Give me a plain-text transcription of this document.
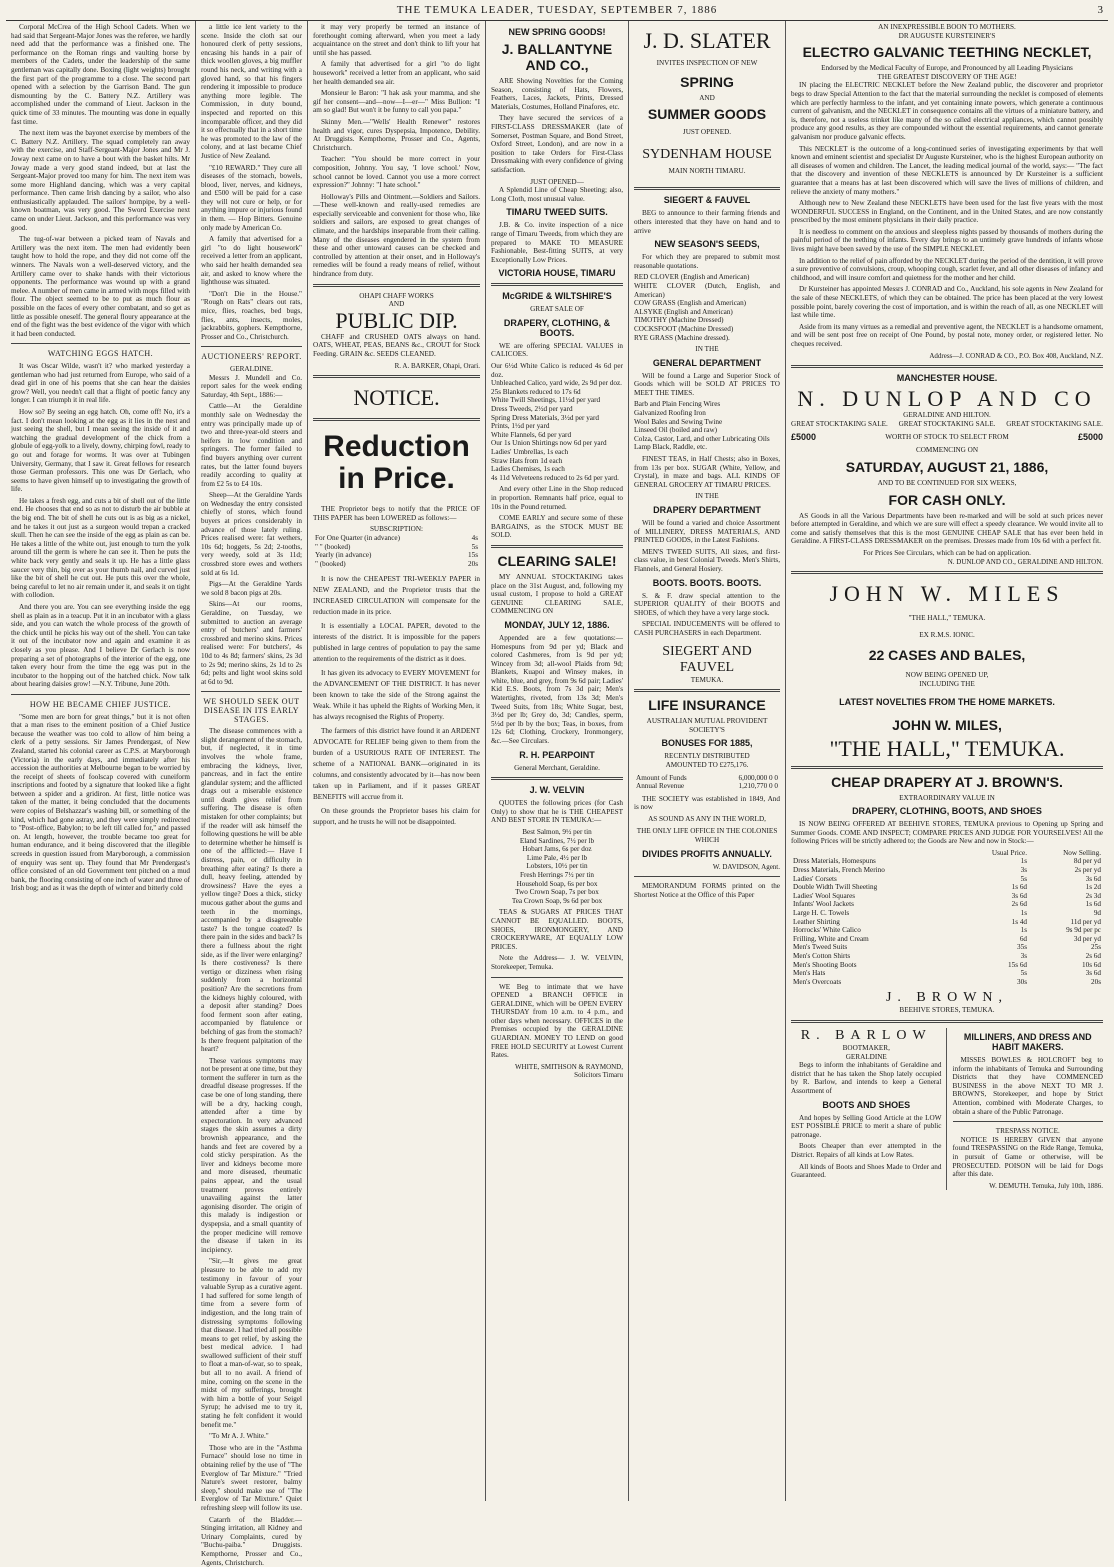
THE TEMUKA LEADER, TUESDAY, SEPTEMBER 7, 1886	3

Corporal McCrea of the High School Cadets. When we had said that Sergeant-Major Jones was the referee, we hardly need add that the performance was a finished one. The performance on the Roman rings and vaulting horse by members of the Cadets, under the leadership of the same gentleman was capitally done. Boxing (light weights) brought the first part of the programme to a close. The second part opened with a selection by the Garrison Band. The gun dismounting by the C. Battery N.Z. Artillery was accomplished under the command of Lieut. Jackson in the quick time of 33 minutes. The mounting was done in equally fast time.

The next item was the bayonet exercise by members of the C. Battery N.Z. Artillery. The squad completely ran away with the exercise, and Staff-Sergeant-Major Jones and Mr J. Joway next came on to have a bout with the basket hilts. Mr Joway made a very good stand indeed, but at last the Sergeant-Major proved too many for him. The next item was some more Highland dancing, which was a very capital performance. Then came Irish dancing by a sailor, who also enthusiastically applauded. The sailors' hornpipe, by a well-known boatman, was very good. The Sword Exercise next came on under Lieut. Jackson, and this performance was very good.

The tug-of-war between a picked team of Navals and Artillery was the next item. The men had evidently been taught how to hold the rope, and they did not come off the winners. The Navals won a well-deserved victory, and the Artillery came over to shake hands with their victorious opponents. The performance was wound up with a grand melee. A number of men came in armed with mops filled with flour. The object seemed to be to put as much flour as possible on the faces of every other combatant, and so get as little as possible oneself. The general floury appearance at the end of the fight was the best evidence of the vigor with which it had been conducted.

WATCHING EGGS HATCH.

It was Oscar Wilde, wasn't it? who marked yesterday a gentleman who had just returned from Europe, who said of a dead girl in one of his poems that she can hear the daisies grow? Well, you needn't call that a flight of poetic fancy any longer. I can triumph it in real life.

How so? By seeing an egg hatch. Oh, come off! No, it's a fact. I don't mean looking at the egg as it lies in the nest and just seeing the shell, but I mean seeing the inside of it and watching the gradual development of the chick from a globule of egg-yolk to a lively, downy, chirping fowl, ready to go out and forage for worms. It was over at Tubingen University, Germany, that I saw it. Great fellows for research those German professors. This one was Dr Gerlach, who seems to have given himself up to investigating the growth of life.

He takes a fresh egg, and cuts a bit of shell out of the little end. He chooses that end so as not to disturb the air bubble at the big end. The bit of shell he cuts out is as big as a nickel, and he takes it out just as a surgeon would trepan a cracked skull. Then he can see the inside of the egg as plain as can be. He takes a little of the white out, just enough to turn the yolk around till the germ is where he can see it. Then he puts the white back very gently and seals it up. He has a little glass saucer very thin, big over as your thumb nail, and curved just like the bit of shell he cut out. He puts this over the whole, being careful to let no air remain under it, and seals it on tight with collodion.

And there you are. You can see everything inside the egg shell as plain as in a teacup. Put it in an incubator with a glass side, and you can watch the whole process of the growth of the chick until he picks his way out of the shell. You can take it out of the incubator now and again and examine it as closely as you please. And I believe Dr Gerlach is now preparing a set of photographs of the interior of the egg, one taken every hour from the time the egg was put in the incubator to the hopping out of the hatched chick. Now talk about hearing daisies grow! —N.Y. Tribune, June 20th.

HOW HE BECAME CHIEF JUSTICE.

"Some men are born for great things," but it is not often that a man rises to the eminent position of a Chief Justice because the weather was too cold to allow of him being a clerk of a petty sessions. Sir James Prendergast, of New Zealand, started his colonial career as C.P.S. at Maryborough (Victoria) in the early days, and immediately after his accession the authorities at Melbourne began to be worried by the receipt of sheets of foolscap covered with cuneiform inscriptions and footed by a signature that looked like a fight between a spider and a gridiron. At first, little notice was taken of the matter, it being concluded that the documents were copies of Belshazzar's washing bill, or something of the kind, which had gone astray, and they were simply redirected to "Post-office, Babylon; to be left till called for," and passed on. At length, however, the trouble became too great for human endurance, and it being discovered that the illegible screeds in question issued from Maryborough, a commission of enquiry was sent up. They found that Mr Prendergast's office consisted of an old Government tent pitched on a mud bank, the flooring consisting of one inch of water and three of Irish bog; and as it was the depth of winter and bitterly cold

a little ice lent variety to the scene. Inside the cloth sat our honoured clerk of petty sessions, encasing his hands in a pair of thick woollen gloves, a big muffler round his neck, and writing with a gloved hand, so that his fingers rendering it impossible to produce anything more legible. The Commission, in duty bound, inspected and reported on this incomparable officer, and they did it so effectually that in a short time he was promoted to the law of the colony, and at last became Chief Justice of New Zealand.

"£10 REWARD." They cure all diseases of the stomach, bowels, blood, liver, nerves, and kidneys, and £500 will be paid for a case they will not cure or help, or for anything impure or injurious found in them. — Hop Bitters. Genuine only made by American Co.

A family that advertised for a girl "to do light housework" received a letter from an applicant, who said her health demanded sea air, and asked to know where the lighthouse was situated.

"Don't Die in the House." "Rough on Rats" clears out rats, mice, flies, roaches, bed bugs, flies, ants, insects, moles, jackrabbits, gophers. Kempthorne, Prosser and Co., Christchurch.

AUCTIONEERS' REPORT.
GERALDINE.

Messrs J. Mundell and Co. report sales for the week ending Saturday, 4th Sept., 1886:—

Cattle—At the Geraldine monthly sale on Wednesday the entry was principally made up of two and three-year-old steers and heifers in low condition and springers. The former failed to find buyers anything over current rates, but the latter found buyers readily according to quality at from £2 5s to £4 10s.

Sheep—At the Geraldine Yards on Wednesday the entry consisted chiefly of stores, which found buyers at prices considerably in advance of those lately ruling. Prices realised were: fat wethers, 10s 6d; hoggets, 5s 2d; 2-tooths, very weedy, sold at 3s 11d; crossbred store ewes and wethers sold at 6s 1d.

Pigs—At the Geraldine Yards we sold 8 bacon pigs at 20s.

Skins—At our rooms, Geraldine, on Tuesday, we submitted to auction an average entry of butchers' and farmers' crossbred and merino skins. Prices realised were: For butchers', 4s 10d to 4s 8d; farmers' skins, 2s 3d to 2s 9d; merino skins, 2s 1d to 2s 6d; pelts and light wool skins sold at 6d to 9d.

WE SHOULD SEEK OUT DISEASE IN ITS EARLY STAGES.

The disease commences with a slight derangement of the stomach, but, if neglected, it in time involves the whole frame, embracing the kidneys, liver, pancreas, and in fact the entire glandular system; and the afflicted drags out a miserable existence until death gives relief from suffering. The disease is often mistaken for other complaints; but if the reader will ask himself the following questions he will be able to determine whether he himself is one of the afflicted:— Have I distress, pain, or difficulty in breathing after eating? Is there a dull, heavy feeling, attended by drowsiness? Have the eyes a yellow tinge? Does a thick, sticky mucous gather about the gums and teeth in the mornings, accompanied by a disagreeable taste? Is the tongue coated? Is there pain in the sides and back? Is there a fullness about the right side, as if the liver were enlarging? Is there costiveness? Is there vertigo or dizziness when rising suddenly from a horizontal position? Are the secretions from the kidneys highly coloured, with a deposit after standing? Does food ferment soon after eating, accompanied by flatulence or belching of gas from the stomach? Is there frequent palpitation of the heart?

These various symptoms may not be present at one time, but they torment the sufferer in turn as the dreadful disease progresses. If the case be one of long standing, there will be a dry, hacking cough, attended after a time by expectoration. In very advanced stages the skin assumes a dirty brownish appearance, and the hands and feet are covered by a cold sticky perspiration. As the liver and kidneys become more and more diseased, rheumatic pains appear, and the usual treatment proves entirely unavailing against the latter agonising disorder. The origin of this malady is indigestion or dyspepsia, and a small quantity of the proper medicine will remove the disease if taken in its incipiency.

"Sir,—It gives me great pleasure to be able to add my testimony in favour of your valuable Syrup as a curative agent. I had suffered for some length of time from a severe form of indigestion, and the long train of distressing symptoms following that disease. I had tried all possible means to get relief, by asking the best medical advice. I had swallowed sufficient of their stuff to float a man-of-war, so to speak, but all to no avail. A friend of mine, coming on the scene in the midst of my sufferings, brought with him a bottle of your Seigel Syrup; he advised me to try it, stating he felt confident it would benefit me."

"To Mr A. J. White."

Those who are in the "Asthma Furnace" should lose no time in obtaining relief by the use of "The Everglow of Tar Mixture." "Tried Nature's sweet restorer, balmy sleep," should make use of "The Everglow of Tar Mixture." Quiet refreshing sleep will follow its use.

Catarrh of the Bladder.—Stinging irritation, all Kidney and Urinary Complaints, cured by "Buchu-paiba." Druggists. Kempthorne, Prosser and Co., Agents, Christchurch.

it may very properly be termed an instance of forethought coming afterward, when you meet a lady acquaintance on the street and don't think to lift your hat until she has passed.

A family that advertised for a girl "to do light housework" received a letter from an applicant, who said her health demanded sea air.

Monsieur le Baron: "I hak ask your mamma, and she gif her consent—and—now—I—er—" Miss Bullion: "I am so glad! But won't it be funny to call you papa."

Skinny Men.—"Wells' Health Renewer" restores health and vigor, cures Dyspepsia, Impotence, Debility. At Druggists. Kempthorne, Prosser and Co., Agents, Christchurch.

Teacher: "You should be more correct in your composition, Johnny. You say, 'I love school.' Now, school cannot be loved. Cannot you use a more correct expression?" Johnny: "I hate school."

Holloway's Pills and Ointment.—Soldiers and Sailors.—These well-known and really-used remedies are especially serviceable and convenient for those who, like soldiers and sailors, are exposed to great changes of climate, and the hardships inseparable from their calling. Many of the diseases engendered in the system from these and other untoward causes can be checked and controlled by attention at their onset, and in Holloway's remedies will be found a ready means of relief, without hindrance from duty.

OHAPI CHAFF WORKS
AND
PUBLIC DIP.

CHAFF and CRUSHED OATS always on hand. OATS, WHEAT, PEAS, BEANS &c., CROUT for Stock Feeding. GRAIN &c. SEEDS CLEANED.

R. A. BARKER, Ohapi, Orari.
NOTICE.
Reduction in Price.

THE Proprietor begs to notify that the PRICE OF THIS PAPER has been LOWERED as follows:—

SUBSCRIPTION:
For One Quarter (in advance)	4s
" " (booked)	5s
Yearly (in advance)	15s
" (booked)	20s

It is now the CHEAPEST TRI-WEEKLY PAPER in NEW ZEALAND, and the Proprietor trusts that the INCREASED CIRCULATION will compensate for the reduction made in its price.

It is essentially a LOCAL PAPER, devoted to the interests of the district. It is impossible for the papers published in large centres of population to pay the same attention to the requirements of the district as it does.

It has given its advocacy to EVERY MOVEMENT for the ADVANCEMENT OF THE DISTRICT. It has never been known to take the side of the Strong against the Weak. While it has upheld the Rights of Working Men, it has always recognised the Rights of Property.

The farmers of this district have found it an ARDENT ADVOCATE for RELIEF being given to them from the burden of a USURIOUS RATE OF INTEREST. The scheme of a NATIONAL BANK—originated in its columns, and consistently advocated by it—has now been taken up in Parliament, and if it passes GREAT BENEFITS will accrue from it.

On these grounds the Proprietor bases his claim for support, and he trusts he will not be disappointed.

NEW SPRING GOODS!
J. BALLANTYNE AND CO.,

ARE Showing Novelties for the Coming Season, consisting of Hats, Flowers, Feathers, Laces, Jackets, Prints, Dressed Materials, Costumes, Holland Pinafores, etc.

They have secured the services of a FIRST-CLASS DRESSMAKER (late of Somerset, Postman Square, and Bond Street, Oxford Street, London), and are now in a position to take Orders for First-Class Dressmaking with every confidence of giving satisfaction.

JUST OPENED—

A Splendid Line of Cheap Sheeting; also, Long Cloth, most unusual value.

TIMARU TWEED SUITS.

J.B. & Co. invite inspection of a nice range of Timaru Tweeds, from which they are prepared to MAKE TO MEASURE Fashionable, Best-fitting SUITS, at very Exceptionally Low Prices.

VICTORIA HOUSE, TIMARU
McGRIDE & WILTSHIRE'S
GREAT SALE OF
DRAPERY, CLOTHING, & BOOTS.

WE are offering SPECIAL VALUES in CALICOES.

Our 6½d White Calico is reduced 4s 6d per doz.
Unbleached Calico, yard wide, 2s 9d per doz.
25s Blankets reduced to 17s 6d
White Twill Sheetings, 11½d per yard
Dress Tweeds, 2½d per yard
Spring Dress Materials, 3½d per yard
Prints, 1½d per yard
White Flannels, 6d per yard
Our 1s Union Shirtings now 6d per yard
Ladies' Umbrellas, 1s each
Straw Hats from 1d each
Ladies Chemises, 1s each
4s 11d Velveteens reduced to 2s 6d per yard.

And every other Line in the Shop reduced in proportion. Remnants half price, equal to 10s in the Pound returned.

COME EARLY and secure some of these BARGAINS, as the STOCK MUST BE SOLD.

CLEARING SALE!

MY ANNUAL STOCKTAKING takes place on the 31st August, and, following my usual custom, I propose to hold a GREAT GENUINE CLEARING SALE, COMMENCING ON

MONDAY, JULY 12, 1886.

Appended are a few quotations:— Homespuns from 9d per yd; Black and colored Cashmeres, from 1s 9d per yd; Wincey from 3d; all-wool Plaids from 9d; Blankets, Kuapoi and Winsey makes, in white, blue, and grey, from 9s 6d pair; Ladies' Kid E.S. Boots, from 7s 3d pair; Men's Watertights, riveted, from 13s 3d; Men's Tweed Suits, from 18s; White Sugar, best, 3½d per lb; Grey do, 3d; Candles, sperm, 5½d per lb by the box; Teas, in boxes, from 12s 6d; Clothing, Crockery, Ironmongery, &c.—See Circulars.

R. H. PEARPOINT
General Merchant, Geraldine.
J. W. VELVIN

QUOTES the following prices (for Cash Only) to show that he is THE CHEAPEST AND BEST STORE IN TEMUKA:—

Best Salmon, 9½ per tin
Eland Sardines, 7½ per lb
Hobart Jams, 6s per doz
Lime Pale, 4½ per lb
Lobsters, 10½ per tin
Fresh Herrings 7½ per tin
Household Soap, 6s per box
Two Crown Soap, 7s per box
Tea Crown Soap, 9s 6d per box

TEAS & SUGARS AT PRICES THAT CANNOT BE EQUALLED. BOOTS, SHOES, IRONMONGERY, AND CROCKERYWARE, AT EQUALLY LOW PRICES.

Note the Address— J. W. VELVIN, Storekeeper, Temuka.

WE Beg to intimate that we have OPENED a BRANCH OFFICE in GERALDINE, which will be OPEN EVERY THURSDAY from 10 a.m. to 4 p.m., and other days when necessary. OFFICES in the Premises occupied by the GERALDINE GUARDIAN. MONEY TO LEND on good FREE HOLD SECURITY at Lowest Current Rates.

WHITE, SMITHSON & RAYMOND, Solicitors Timaru
J. D. SLATER
INVITES INSPECTION OF NEW
SPRING
AND
SUMMER GOODS
JUST OPENED.
SYDENHAM HOUSE
MAIN NORTH TIMARU.
SIEGERT & FAUVEL

BEG to announce to their farming friends and others interested that they have on hand and to arrive

NEW SEASON'S SEEDS,

For which they are prepared to submit most reasonable quotations.

RED CLOVER (English and American)
WHITE CLOVER (Dutch, English, and American)
COW GRASS (English and American)
ALSYKE (English and American)
TIMOTHY (Machine Dressed)
COCKSFOOT (Machine Dressed)
RYE GRASS (Machine dressed).
IN THE
GENERAL DEPARTMENT

Will be found a Large and Superior Stock of Goods which will be SOLD AT PRICES TO MEET THE TIMES.

Barb and Plain Fencing Wires
Galvanized Roofing Iron
Wool Bales and Sewing Twine
Linseed Oil (boiled and raw)
Colza, Castor, Lard, and other Lubricating Oils
Lamp Black, Raddle, etc.

FINEST TEAS, in Half Chests; also in Boxes, from 13s per box. SUGAR (White, Yellow, and Crystal), in maze and bags. ALL KINDS OF GENERAL GROCERY AT TIMARU PRICES.

IN THE
DRAPERY DEPARTMENT

Will be found a varied and choice Assortment of MILLINERY, DRESS MATERIALS, AND PRINTED GOODS, in the Latest Fashions.

MEN'S TWEED SUITS, All sizes, and first-class value, in best Colonial Tweeds. Men's Shirts, Flannels, and General Hosiery.

BOOTS. BOOTS. BOOTS.

S. & F. draw special attention to the SUPERIOR QUALITY of their BOOTS and SHOES, of which they have a very large stock.

SPECIAL INDUCEMENTS will be offered to CASH PURCHASERS in each Department.

SIEGERT AND FAUVEL
TEMUKA.
LIFE INSURANCE
AUSTRALIAN MUTUAL PROVIDENT SOCIETY'S
BONUSES FOR 1885,
RECENTLY DISTRIBUTED
AMOUNTED TO £275,176.
Amount of Funds	6,000,000 0 0
Annual Revenue	1,210,770 0 0

THE SOCIETY was established in 1849, And is now

AS SOUND AS ANY IN THE WORLD,
THE ONLY LIFE OFFICE IN THE COLONIES WHICH
DIVIDES PROFITS ANNUALLY.
W. DAVIDSON, Agent.

MEMORANDUM FORMS printed on the Shortest Notice at the Office of this Paper

AN INEXPRESSIBLE BOON TO MOTHERS.
DR AUGUSTE KURSTEINER'S
ELECTRO GALVANIC TEETHING NECKLET,
Endorsed by the Medical Faculty of Europe, and Pronounced by all Leading Physicians
THE GREATEST DISCOVERY OF THE AGE!

IN placing the ELECTRIC NECKLET before the New Zealand public, the discoverer and proprietor begs to draw Special Attention to the fact that the material surrounding the necklet is composed of elements which are perfectly harmless to the infant, and yet containing innate powers, which generate a continuous current of galvanism, and the NECKLET in consequence contains all the virtues of a miniature battery, and is, therefore, not a useless trinket like many of the so called electrical appliances, which cannot possibly produce any good results, as they are compounded without the essential requirements, and cannot generate galvanism nor produce galvanic effects.

This NECKLET is the outcome of a long-continued series of investigating experiments by that well known and eminent scientist and specialist Dr Auguste Kursteiner, who is the highest European authority on all diseases of women and children. The Lancet, the leading medical journal of the world, says:— "The fact that the discovery and invention of these NECKLETS is announced by Dr Kursteiner is a sufficient guarantee that a means has at last been discovered which will save the lives of millions of children, and relieve the anxiety of many mothers."

Although new to New Zealand these NECKLETS have been used for the last five years with the most WONDERFUL SUCCESS in England, on the Continent, and in the United States, and are now constantly prescribed by the most eminent physicians in their daily practice.

It is needless to comment on the anxious and sleepless nights passed by thousands of mothers during the painful period of the teething of infants. Every day brings to an untimely grave hundreds of infants whose lives might have been saved by the use of the SIMPLE NECKLET.

In addition to the relief of pain afforded by the NECKLET during the period of the dentition, it will prove a sure preventive of convulsions, croup, whooping cough, scarlet fever, and all other diseases of infancy and childhood, and will insure comfort and quietness for the mother and her child.

Dr Kursteiner has appointed Messrs J. CONRAD and Co., Auckland, his sole agents in New Zealand for the sale of these NECKLETS, of which they can be obtained. The price has been placed at the very lowest possible point, barely covering the cost of importation, and is within the reach of all, as one NECKLET will last while time.

Aside from its many virtues as a remedial and preventive agent, the NECKLET is a handsome ornament, and will be sent post free on receipt of One Pound, by postal note, money order, or registered letter. No cheques received.

Address—J. CONRAD & CO., P.O. Box 408, Auckland, N.Z.
MANCHESTER HOUSE.
N. DUNLOP AND CO
GERALDINE AND HILTON.
GREAT STOCKTAKING SALE. GREAT STOCKTAKING SALE. GREAT STOCKTAKING SALE.
£5000	WORTH OF STOCK TO SELECT FROM	£5000
COMMENCING ON
SATURDAY, AUGUST 21, 1886,
AND TO BE CONTINUED FOR SIX WEEKS,
FOR CASH ONLY.

AS Goods in all the Various Departments have been re-marked and will be sold at such prices never before attempted in Geraldine, and which we are sure will effect a speedy clearance. We would invite all to come and satisfy themselves that this is the most GENUINE CHEAP SALE that has ever been held in Geraldine. A FIRST-CLASS DRESSMAKER on the premises. Dresses made from 10s 6d with a perfect fit.

For Prices See Circulars, which can be had on application.
N. DUNLOP AND CO., GERALDINE AND HILTON.
JOHN W. MILES
"THE HALL," TEMUKA.
EX R.M.S. IONIC.
22 CASES AND BALES,
NOW BEING OPENED UP,
INCLUDING THE
LATEST NOVELTIES FROM THE HOME MARKETS.
JOHN W. MILES,
"THE HALL," TEMUKA.
CHEAP DRAPERY AT J. BROWN'S.
EXTRAORDINARY VALUE IN
DRAPERY, CLOTHING, BOOTS, AND SHOES

IS NOW BEING OFFERED AT BEEHIVE STORES, TEMUKA previous to Opening up Spring and Summer Goods. COME AND INSPECT; COMPARE PRICES AND JUDGE FOR YOURSELVES! All the following Prices will be strictly adhered to; the Goods are New and now in Stock:—

	Usual Price.	Now Selling.
Dress Materials, Homespuns	1s	8d per yd
Dress Materials, French Merino	3s	2s per yd
Ladies' Corsets	5s	3s 6d
Double Width Twill Sheeting	1s 6d	1s 2d
Ladies' Wool Squares	3s 6d	2s 3d
Infants' Wool Jackets	2s 6d	1s 6d
Large H. C. Towels	1s	9d
Leather Shirting	1s 4d	11d per yd
Horrocks' White Calico	1s	9s 9d per pc
Frilling, White and Cream	6d	3d per yd
Men's Tweed Suits	35s	25s
Men's Cotton Shirts	3s	2s 6d
Men's Shooting Boots	15s 6d	10s 6d
Men's Hats	5s	3s 6d
Men's Overcoats	30s	20s
J. BROWN,
BEEHIVE STORES, TEMUKA.
R. BARLOW
BOOTMAKER,
GERALDINE

Begs to inform the inhabitants of Geraldine and district that he has taken the Shop lately occupied by R. Barlow, and intends to keep a General Assortment of

BOOTS AND SHOES

And hopes by Selling Good Article at the LOW EST POSSIBLE PRICE to merit a share of public patronage.

Boots Cheaper than ever attempted in the District. Repairs of all kinds at Low Rates.

All kinds of Boots and Shoes Made to Order and Guaranteed.

MILLINERS, AND DRESS AND HABIT MAKERS.

MISSES BOWLES & HOLCROFT beg to inform the inhabitants of Temuka and Surrounding Districts that they have COMMENCED BUSINESS in the above NEXT TO MR J. BROWN'S, Storekeeper, and hope by Strict Attention, combined with Moderate Charges, to obtain a share of the Public Patronage.

TRESPASS NOTICE.

NOTICE IS HEREBY GIVEN that anyone found TRESPASSING on the Ride Range, Temuka, in pursuit of Game or otherwise, will be PROSECUTED. POISON will be laid for Dogs after this date.

W. DEMUTH. Temuka, July 10th, 1886.
